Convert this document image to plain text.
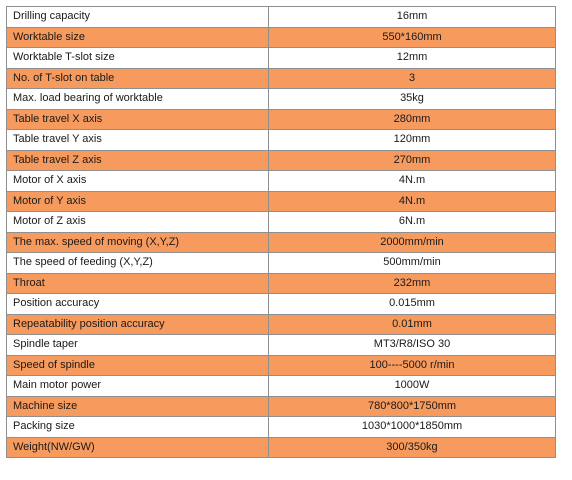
Drilling capacity	16mm
Worktable size	550*160mm
Worktable T-slot size	12mm
No. of T-slot on table	3
Max. load bearing of worktable	35kg
Table travel X axis	280mm
Table travel Y axis	120mm
Table travel Z axis	270mm
Motor of X axis	4N.m
Motor of Y axis	4N.m
Motor of Z axis	6N.m
The max. speed of moving (X,Y,Z)	2000mm/min
The speed of feeding (X,Y,Z)	500mm/min
Throat	232mm
Position accuracy	0.015mm
Repeatability position accuracy	0.01mm
Spindle taper	MT3/R8/ISO 30
Speed of spindle	100----5000 r/min
Main motor power	1000W
Machine size	780*800*1750mm
Packing size	1030*1000*1850mm
Weight(NW/GW)	300/350kg
